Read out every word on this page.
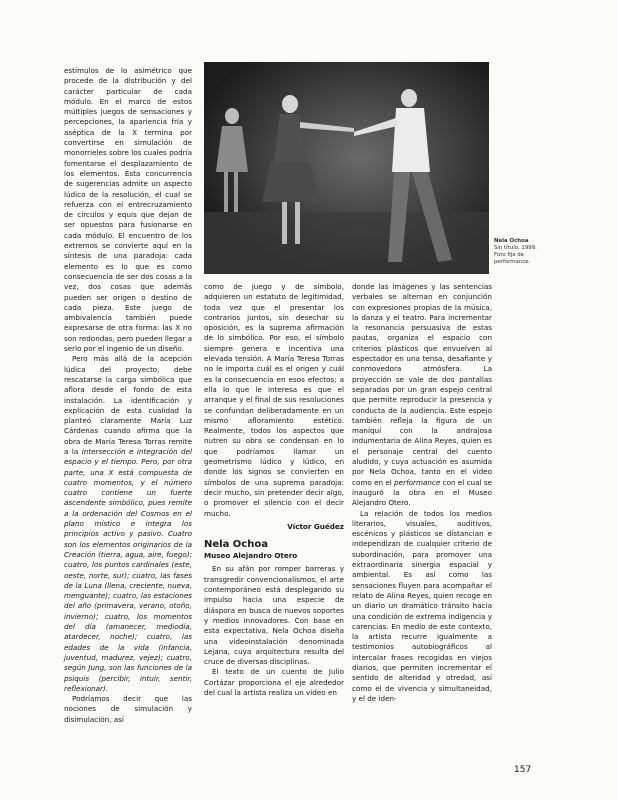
estímulos de lo asimétrico que procede de la distribución y del carácter particular de cada módulo. En el marco de estos múltiples juegos de sensaciones y percepciones, la apariencia fría y aséptica de la X termina por convertirse en simulación de monorrieles sobre los cuales podría fomentarse el desplazamiento de los elementos. Esta concurrencia de sugerencias admite un aspecto lúdico de la resolución, el cual se refuerza con el entrecruzamiento de círculos y equis que dejan de ser opuestos para fusionarse en cada módulo. El encuentro de los extremos se convierte aquí en la síntesis de una paradoja: cada elemento es lo que es como consecuencia de ser dos cosas a la vez, dos cosas que además pueden ser origen o destino de cada pieza. Este juego de ambivalencia también puede expresarse de otra forma: las X no son redondas, pero pueden llegar a serlo por el ingenio de un diseño.

Pero más allá de la acepción lúdica del proyecto, debe rescatarse la carga simbólica que aflora desde el fondo de esta instalación. La identificación y explicación de esta cualidad la planteó claramente María Luz Cárdenas cuando afirma que la obra de María Teresa Torras remite a la intersección e integración del espacio y el tiempo. Pero, por otra parte, una X está compuesta de cuatro momentos, y el número cuatro contiene un fuerte ascendente simbólico, pues remite a la ordenación del Cosmos en el plano místico e integra los principios activo y pasivo. Cuatro son los elementos originarios de la Creación (tierra, agua, aire, fuego); cuatro, los puntos cardinales (este, oeste, norte, sur); cuatro, las fases de la Luna (llena, creciente, nueva, menguante); cuatro, las estaciones del año (primavera, verano, otoño, invierno); cuatro, los momentos del día (amanecer, mediodía, atardecer, noche); cuatro, las edades de la vida (infancia, juventud, madurez, vejez); cuatro, según Jung, son las funciones de la psiquis (percibir, intuir, sentir, reflexionar).

Podríamos decir que las nociones de simulación y disimulación, así

Nela Ochoa
Sin título, 1999.
Foto fija de
performance.

como de juego y de símbolo, adquieren un estatuto de legitimidad, toda vez que el presentar los contrarios juntos, sin desechar su oposición, es la suprema afirmación de lo simbólico. Por eso, el símbolo siempre genera e incentiva una elevada tensión. A María Teresa Torras no le importa cuál es el origen y cuál es la consecuencia en esos efectos; a ella lo que le interesa es que el arranque y el final de sus resoluciones se confundan deliberadamente en un mismo afloramiento estético. Realmente, todos los aspectos que nutren su obra se condensan en lo que podríamos llamar un geometrismo lúdico y lúdico, en donde los signos se convierten en símbolos de una suprema paradoja: decir mucho, sin pretender decir algo, o promover el silencio con el decir mucho.

Víctor Guédez

Nela Ochoa

Museo Alejandro Otero

En su afán por romper barreras y transgredir convencionalismos, el arte contemporáneo está desplegando su impulso hacia una especie de diáspora en busca de nuevos soportes y medios innovadores. Con base en esta expectativa, Nela Ochoa diseña una videoinstalación denominada Lejana, cuya arquitectura resulta del cruce de diversas disciplinas.

El texto de un cuento de Julio Cortázar proporciona el eje alrededor del cual la artista realiza un video en

donde las imágenes y las sentencias verbales se alternan en conjunción con expresiones propias de la música, la danza y el teatro. Para incrementar la resonancia persuasiva de estas pautas, organiza el espacio con criterios plásticos que envuelven al espectador en una tensa, desafiante y conmovedora atmósfera. La proyección se vale de dos pantallas separadas por un gran espejo central que permite reproducir la presencia y conducta de la audiencia. Este espejo también refleja la figura de un maniquí con la andrajosa indumentaria de Alina Reyes, quien es el personaje central del cuento aludido, y cuya actuación es asumida por Nela Ochoa, tanto en el video como en el performance con el cual se inauguró la obra en el Museo Alejandro Otero.

La relación de todos los medios literarios, visuales, auditivos, escénicos y plásticos se distancian e independizan de cualquier criterio de subordinación, para promover una extraordinaria sinergia espacial y ambiental. Es así como las sensaciones fluyen para acompañar el relato de Alina Reyes, quien recoge en un diario un dramático tránsito hacia una condición de extrema indigencia y carencias. En medio de este contexto, la artista recurre igualmente a testimonios autobiográficos al intercalar frases recogidas en viejos diarios, que permiten incrementar el sentido de alteridad y otredad, así como el de vivencia y simultaneidad, y el de iden-

157
